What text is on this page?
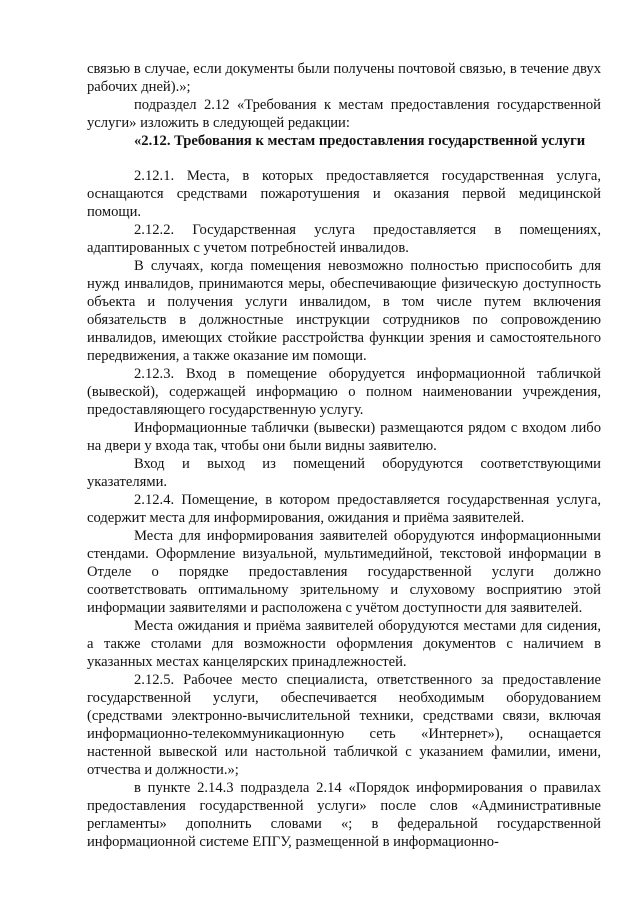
связью в случае, если документы были получены почтовой связью, в течение двух рабочих дней).»;

подраздел 2.12 «Требования к местам предоставления государственной услуги» изложить в следующей редакции:

«2.12. Требования к местам предоставления государственной услуги

2.12.1. Места, в которых предоставляется государственная услуга, оснащаются средствами пожаротушения и оказания первой медицинской помощи.

2.12.2. Государственная услуга предоставляется в помещениях, адаптированных с учетом потребностей инвалидов.

В случаях, когда помещения невозможно полностью приспособить для нужд инвалидов, принимаются меры, обеспечивающие физическую доступность объекта и получения услуги инвалидом, в том числе путем включения обязательств в должностные инструкции сотрудников по сопровождению инвалидов, имеющих стойкие расстройства функции зрения и самостоятельного передвижения, а также оказание им помощи.

2.12.3. Вход в помещение оборудуется информационной табличкой (вывеской), содержащей информацию о полном наименовании учреждения, предоставляющего государственную услугу.

Информационные таблички (вывески) размещаются рядом с входом либо на двери у входа так, чтобы они были видны заявителю.

Вход и выход из помещений оборудуются соответствующими указателями.

2.12.4. Помещение, в котором предоставляется государственная услуга, содержит места для информирования, ожидания и приёма заявителей.

Места для информирования заявителей оборудуются информационными стендами. Оформление визуальной, мультимедийной, текстовой информации в Отделе о порядке предоставления государственной услуги должно соответствовать оптимальному зрительному и слуховому восприятию этой информации заявителями и расположена с учётом доступности для заявителей.

Места ожидания и приёма заявителей оборудуются местами для сидения, а также столами для возможности оформления документов с наличием в указанных местах канцелярских принадлежностей.

2.12.5. Рабочее место специалиста, ответственного за предоставление государственной услуги, обеспечивается необходимым оборудованием (средствами электронно-вычислительной техники, средствами связи, включая информационно-телекоммуникационную сеть «Интернет»), оснащается настенной вывеской или настольной табличкой с указанием фамилии, имени, отчества и должности.»;

в пункте 2.14.3 подраздела 2.14 «Порядок информирования о правилах предоставления государственной услуги» после слов «Административные регламенты» дополнить словами «; в федеральной государственной информационной системе ЕПГУ, размещенной в информационно-
